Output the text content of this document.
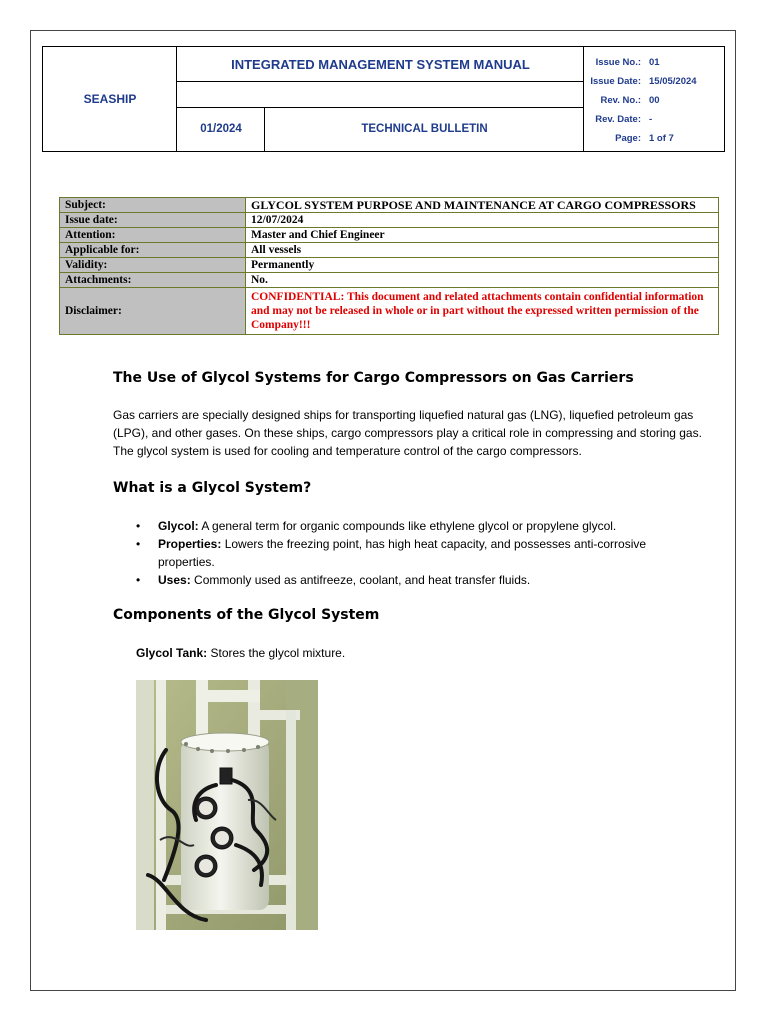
SEASHIP
INTEGRATED MANAGEMENT SYSTEM MANUAL
01/2024	TECHNICAL BULLETIN
Issue No.: 01
Issue Date: 15/05/2024
Rev. No.: 00
Rev. Date: -
Page: 1 of 7
Subject:	GLYCOL SYSTEM PURPOSE AND MAINTENANCE AT CARGO COMPRESSORS
Issue date:	12/07/2024
Attention:	Master and Chief Engineer
Applicable for:	All vessels
Validity:	Permanently
Attachments:	No.
Disclaimer:	CONFIDENTIAL: This document and related attachments contain confidential information and may not be released in whole or in part without the expressed written permission of the Company!!!
The Use of Glycol Systems for Cargo Compressors on Gas Carriers

Gas carriers are specially designed ships for transporting liquefied natural gas (LNG), liquefied petroleum gas (LPG), and other gases. On these ships, cargo compressors play a critical role in compressing and storing gas. The glycol system is used for cooling and temperature control of the cargo compressors.

What is a Glycol System?
• Glycol: A general term for organic compounds like ethylene glycol or propylene glycol.
• Properties: Lowers the freezing point, has high heat capacity, and possesses anti-corrosive properties.
• Uses: Commonly used as antifreeze, coolant, and heat transfer fluids.
Components of the Glycol System

Glycol Tank: Stores the glycol mixture.
